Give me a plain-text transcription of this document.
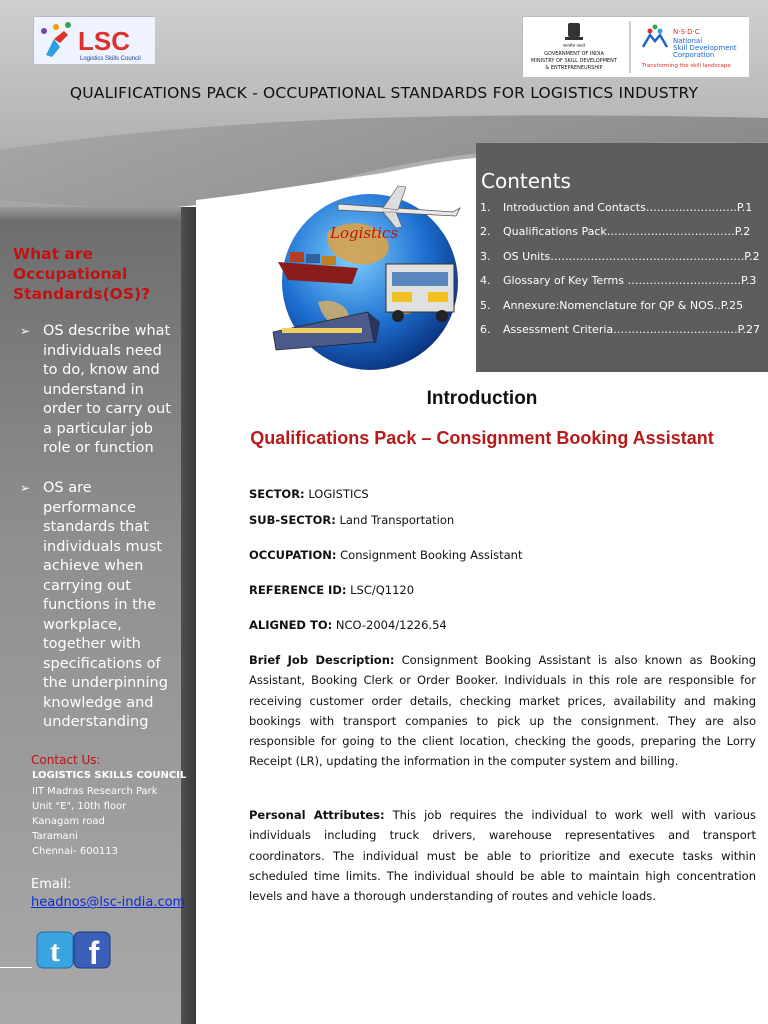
LSC
Logistics Skills Council
सत्यमेव जयते
GOVERNMENT OF INDIA
MINISTRY OF SKILL DEVELOPMENT
& ENTREPRENEURSHIP
N·S·D·C
National
Skill Development
Corporation
Transforming the skill landscape
QUALIFICATIONS PACK - OCCUPATIONAL STANDARDS FOR LOGISTICS INDUSTRY
Contents
1.	Introduction and Contacts………..……….….P.1
2.	Qualifications Pack………………………..……P.2
3.	OS Units…………………………………….……….P.2
4.	Glossary of Key Terms ………………………….P.3
5.	Annexure:Nomenclature for QP & NOS..P.25
6.	Assessment Criteria…………………………….P.27
Logistics
What are Occupational Standards(OS)?
➢ OS describe what individuals need to do, know and understand in order to carry out a particular job role or function
➢ OS are performance standards that individuals must achieve when carrying out functions in the workplace, together with specifications of the underpinning knowledge and understanding
Contact Us:
LOGISTICS SKILLS COUNCIL
IIT Madras Research Park
Unit "E", 10th floor
Kanagam road
Taramani
Chennai- 600113
Email:
headnos@lsc-india.com
t f
Introduction
Qualifications Pack – Consignment Booking Assistant
SECTOR: LOGISTICS
SUB-SECTOR: Land Transportation
OCCUPATION: Consignment Booking Assistant
REFERENCE ID: LSC/Q1120
ALIGNED TO: NCO-2004/1226.54
Brief Job Description: Consignment Booking Assistant is also known as Booking Assistant, Booking Clerk or Order Booker. Individuals in this role are responsible for receiving customer order details, checking market prices, availability and making bookings with transport companies to pick up the consignment. They are also responsible for going to the client location, checking the goods, preparing the Lorry Receipt (LR), updating the information in the computer system and billing.
Personal Attributes: This job requires the individual to work well with various individuals including truck drivers, warehouse representatives and transport coordinators. The individual must be able to prioritize and execute tasks within scheduled time limits. The individual should be able to maintain high concentration levels and have a thorough understanding of routes and vehicle loads.
